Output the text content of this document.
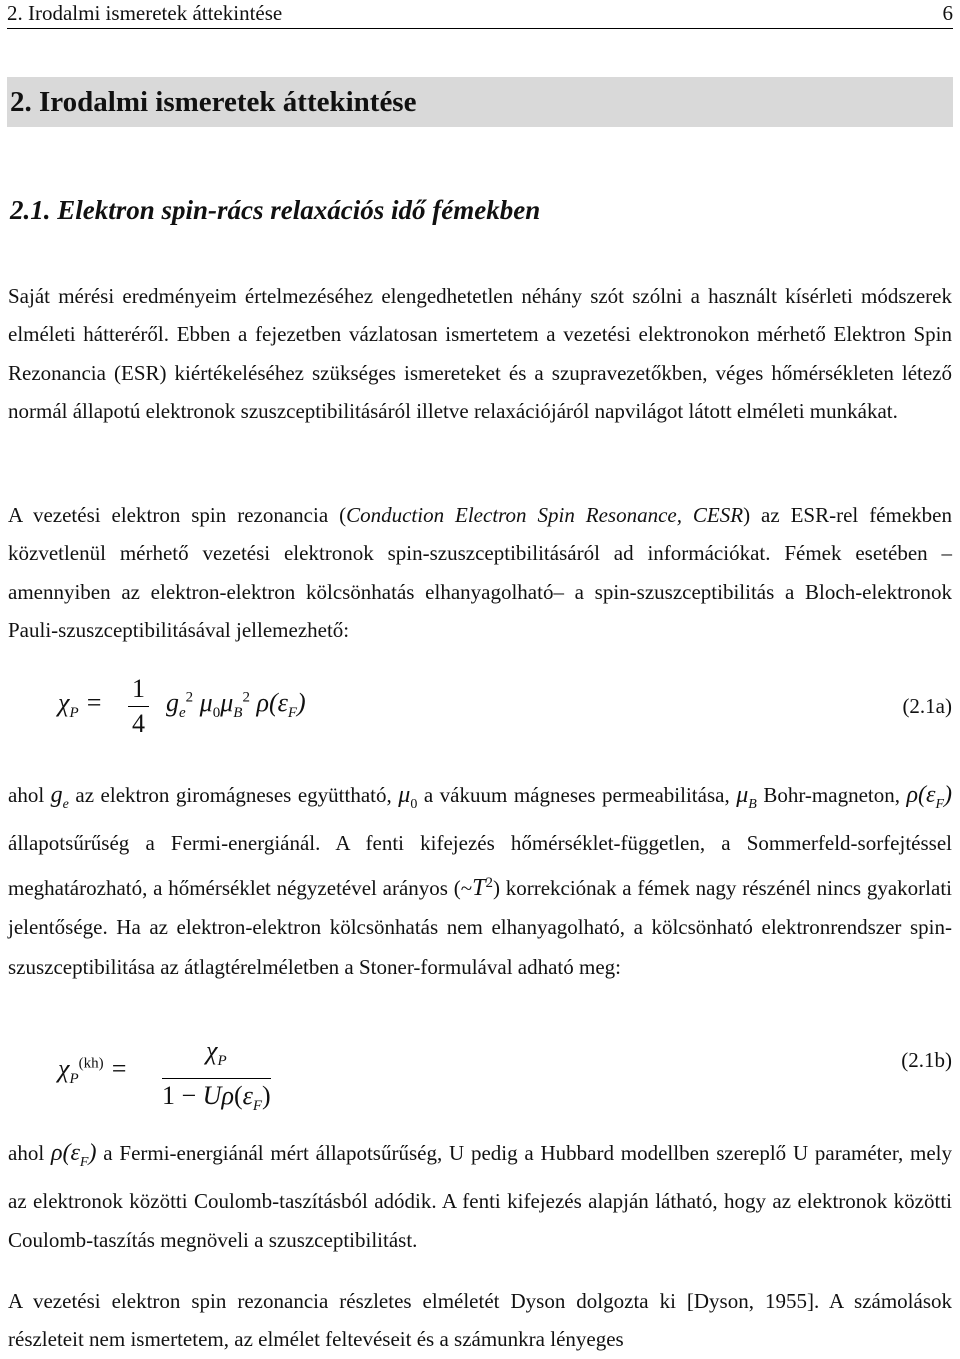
2. Irodalmi ismeretek áttekintése	6
2. Irodalmi ismeretek áttekintése
2.1. Elektron spin-rács relaxációs idő fémekben

Saját mérési eredményeim értelmezéséhez elengedhetetlen néhány szót szólni a használt kísérleti módszerek elméleti hátteréről. Ebben a fejezetben vázlatosan ismertetem a vezetési elektronokon mérhető Elektron Spin Rezonancia (ESR) kiértékeléséhez szükséges ismereteket és a szupravezetőkben, véges hőmérsékleten létező normál állapotú elektronok szuszceptibilitásáról illetve relaxációjáról napvilágot látott elméleti munkákat.

A vezetési elektron spin rezonancia (Conduction Electron Spin Resonance, CESR) az ESR-rel fémekben közvetlenül mérhető vezetési elektronok spin-szuszceptibilitásáról ad információkat. Fémek esetében –amennyiben az elektron-elektron kölcsönhatás elhanyagolható– a spin-szuszceptibilitás a Bloch-elektronok Pauli-szuszceptibilitásával jellemezhető:

$\chi_P = \frac{1}{4} g_e^2$ $\mu_0\mu_B^2$ $\rho(\varepsilon_F)$	(2.1a)

ahol $g_e$ az elektron giromágneses együttható, $\mu_0$ a vákuum mágneses permeabilitása, $\mu_B$ Bohr-magneton, $\rho(\varepsilon_F)$ állapotsűrűség a Fermi-energiánál. A fenti kifejezés hőmérséklet-független, a Sommerfeld-sorfejtéssel meghatározható, a hőmérséklet négyzetével arányos $(\sim T^2)$ korrekciónak a fémek nagy részénél nincs gyakorlati jelentősége. Ha az elektron-elektron kölcsönhatás nem elhanyagolható, a kölcsönható elektronrendszer spin-szuszceptibilitása az átlagtérelméletben a Stoner-formulával adható meg:

$\chi_P^{(kh)} = \frac{\chi_P}{1 - U\rho(\varepsilon_F)}$	(2.1b)

ahol $\rho(\varepsilon_F)$ a Fermi-energiánál mért állapotsűrűség, U pedig a Hubbard modellben szereplő U paraméter, mely az elektronok közötti Coulomb-taszításból adódik. A fenti kifejezés alapján látható, hogy az elektronok közötti Coulomb-taszítás megnöveli a szuszceptibilitást.

A vezetési elektron spin rezonancia részletes elméletét Dyson dolgozta ki [Dyson, 1955]. A számolások részleteit nem ismertetem, az elmélet feltevéseit és a számunkra lényeges
